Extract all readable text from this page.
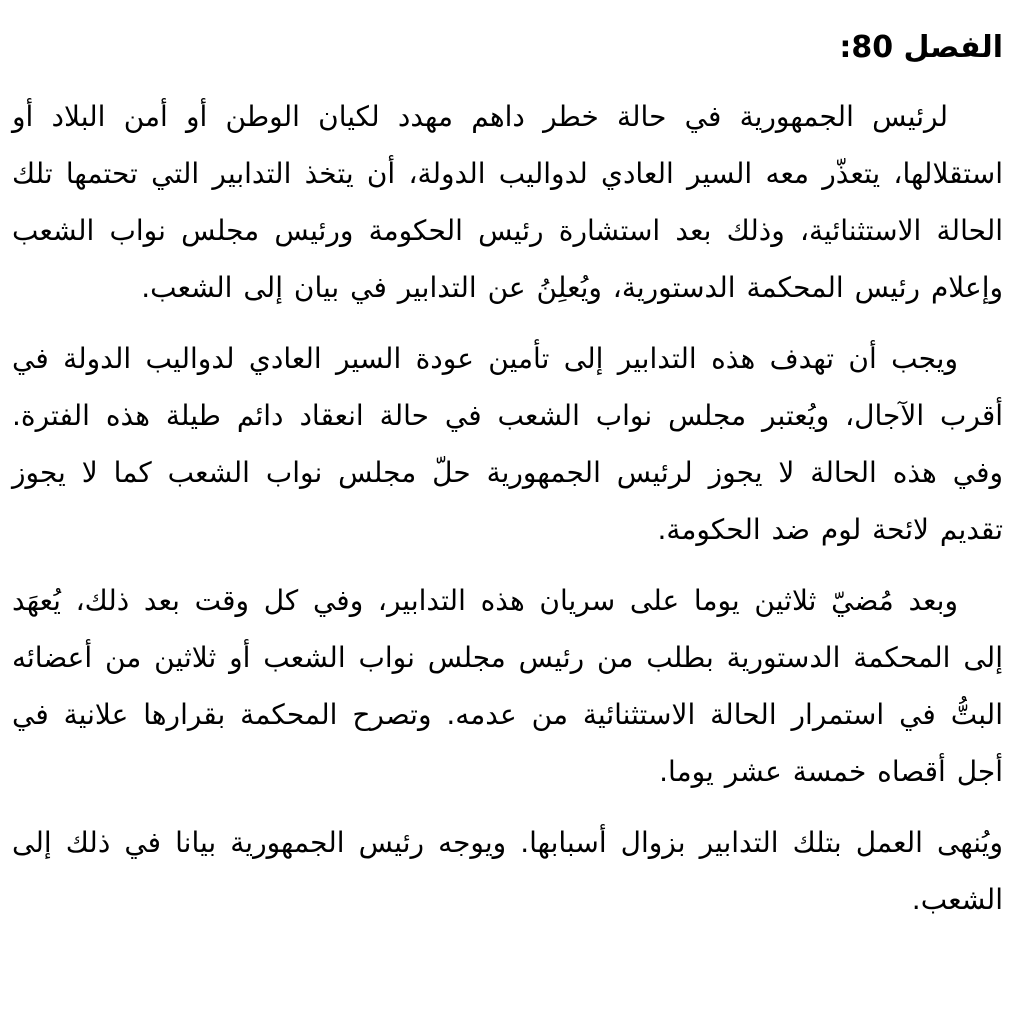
الفصل 80:

لرئيس الجمهورية في حالة خطر داهم مهدد لكيان الوطن أو أمن البلاد أو استقلالها، يتعذّر معه السير العادي لدواليب الدولة، أن يتخذ التدابير التي تحتمها تلك الحالة الاستثنائية، وذلك بعد استشارة رئيس الحكومة ورئيس مجلس نواب الشعب وإعلام رئيس المحكمة الدستورية، ويُعلِنُ عن التدابير في بيان إلى الشعب.

ويجب أن تهدف هذه التدابير إلى تأمين عودة السير العادي لدواليب الدولة في أقرب الآجال، ويُعتبر مجلس نواب الشعب في حالة انعقاد دائم طيلة هذه الفترة. وفي هذه الحالة لا يجوز لرئيس الجمهورية حلّ مجلس نواب الشعب كما لا يجوز تقديم لائحة لوم ضد الحكومة.

وبعد مُضيّ ثلاثين يوما على سريان هذه التدابير، وفي كل وقت بعد ذلك، يُعهَد إلى المحكمة الدستورية بطلب من رئيس مجلس نواب الشعب أو ثلاثين من أعضائه البتُّ في استمرار الحالة الاستثنائية من عدمه. وتصرح المحكمة بقرارها علانية في أجل أقصاه خمسة عشر يوما.

ويُنهى العمل بتلك التدابير بزوال أسبابها. ويوجه رئيس الجمهورية بيانا في ذلك إلى الشعب.
